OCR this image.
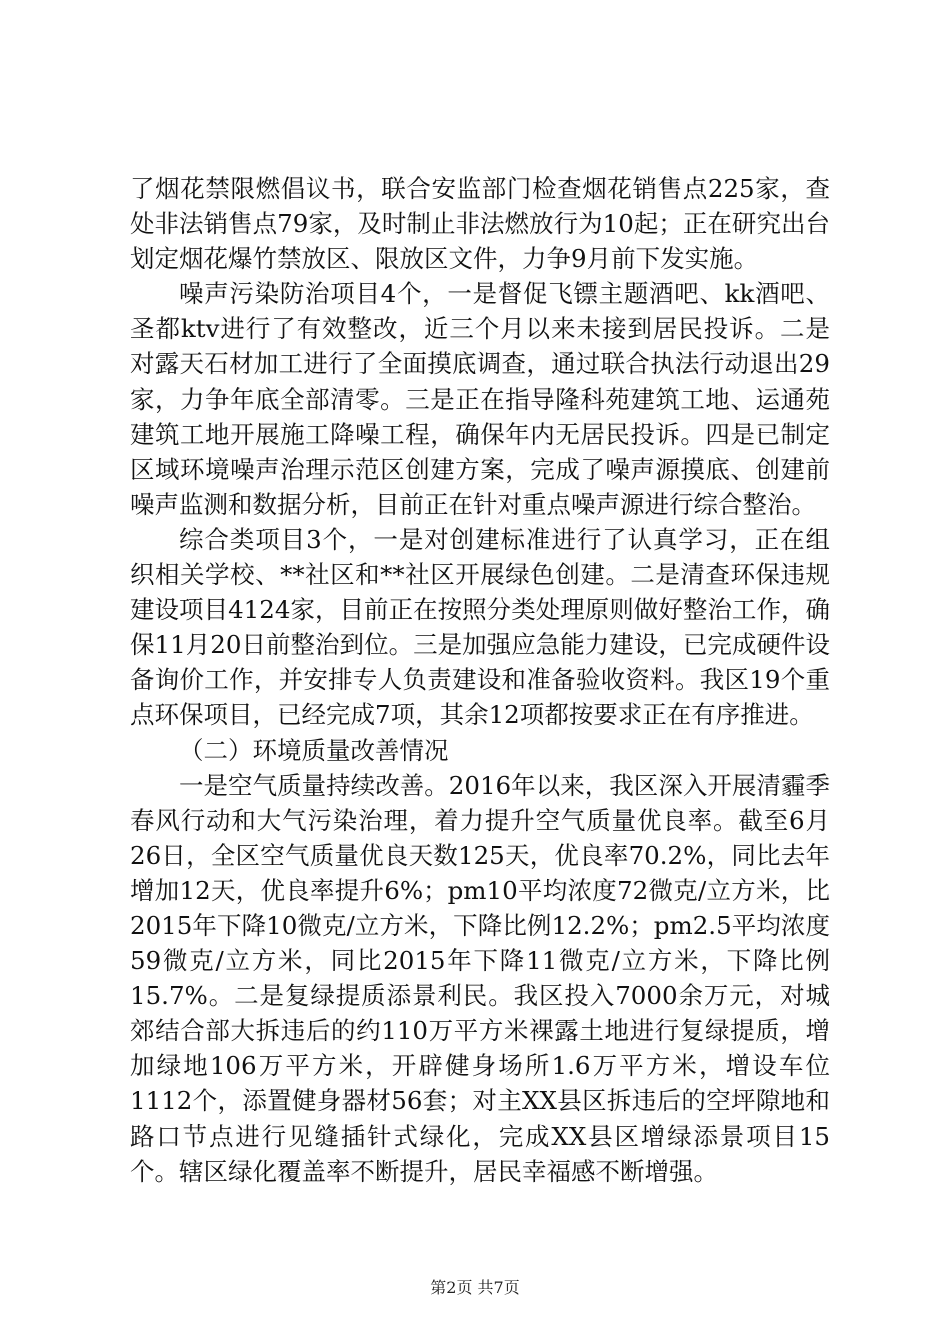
了烟花禁限燃倡议书，联合安监部门检查烟花销售点225家，查处非法销售点79家，及时制止非法燃放行为10起；正在研究出台划定烟花爆竹禁放区、限放区文件，力争9月前下发实施。

噪声污染防治项目4个，一是督促飞镖主题酒吧、kk酒吧、圣都ktv进行了有效整改，近三个月以来未接到居民投诉。二是对露天石材加工进行了全面摸底调查，通过联合执法行动退出29家，力争年底全部清零。三是正在指导隆科苑建筑工地、运通苑建筑工地开展施工降噪工程，确保年内无居民投诉。四是已制定区域环境噪声治理示范区创建方案，完成了噪声源摸底、创建前噪声监测和数据分析，目前正在针对重点噪声源进行综合整治。

综合类项目3个，一是对创建标准进行了认真学习，正在组织相关学校、**社区和**社区开展绿色创建。二是清查环保违规建设项目4124家，目前正在按照分类处理原则做好整治工作，确保11月20日前整治到位。三是加强应急能力建设，已完成硬件设备询价工作，并安排专人负责建设和准备验收资料。我区19个重点环保项目，已经完成7项，其余12项都按要求正在有序推进。

（二）环境质量改善情况

一是空气质量持续改善。2016年以来，我区深入开展清霾季春风行动和大气污染治理，着力提升空气质量优良率。截至6月26日，全区空气质量优良天数125天，优良率70.2%，同比去年增加12天，优良率提升6%；pm10平均浓度72微克/立方米，比2015年下降10微克/立方米，下降比例12.2%；pm2.5平均浓度59微克/立方米，同比2015年下降11微克/立方米，下降比例15.7%。二是复绿提质添景利民。我区投入7000余万元，对城郊结合部大拆违后的约110万平方米裸露土地进行复绿提质，增加绿地106万平方米，开辟健身场所1.6万平方米，增设车位1112个，添置健身器材56套；对主XX县区拆违后的空坪隙地和路口节点进行见缝插针式绿化，完成XX县区增绿添景项目15个。辖区绿化覆盖率不断提升，居民幸福感不断增强。

第2页 共7页
